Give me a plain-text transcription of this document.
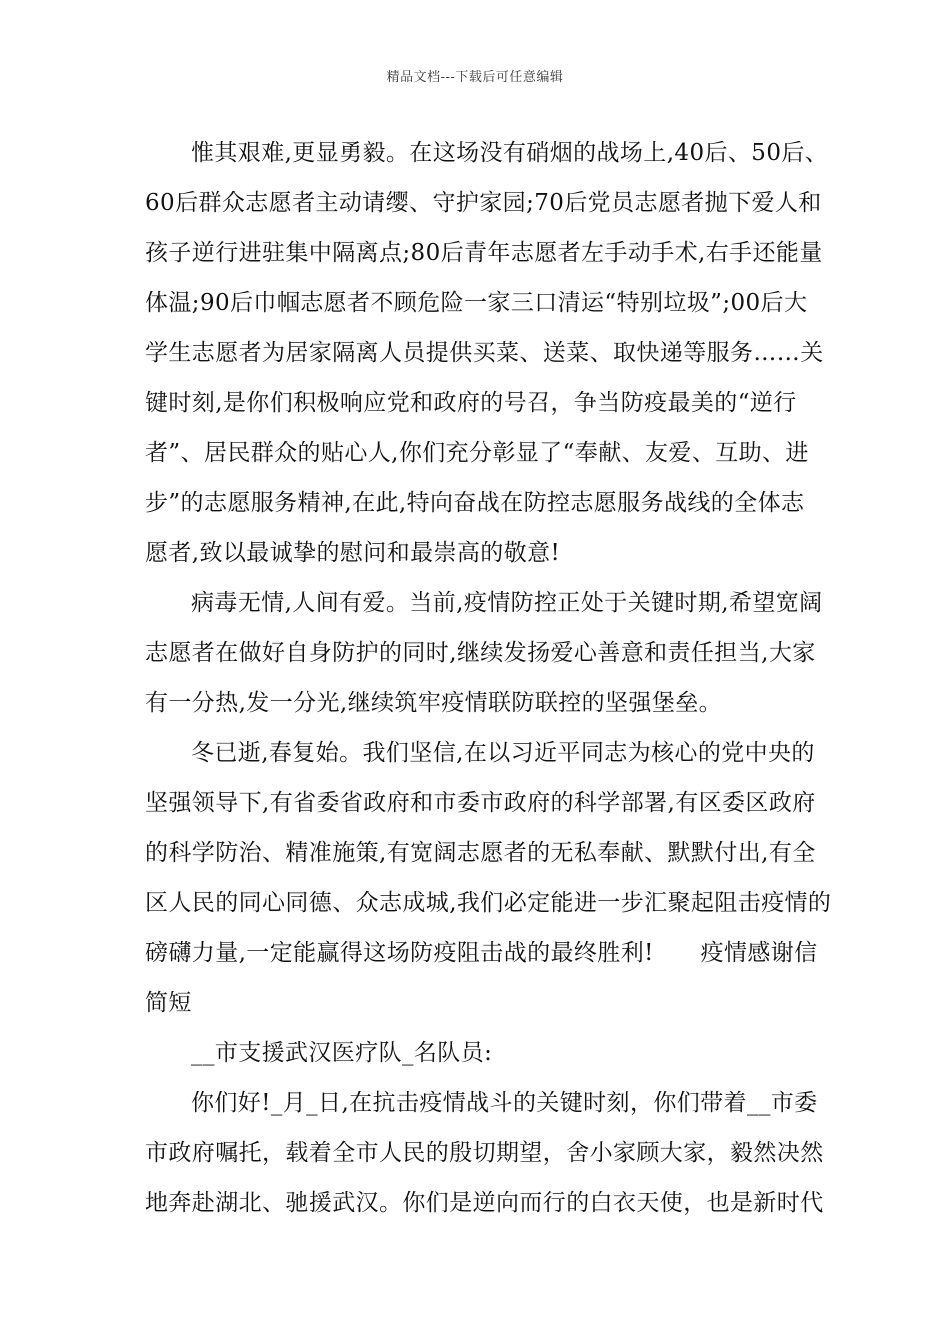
精品文档---下载后可任意编辑
惟其艰难,更显勇毅。在这场没有硝烟的战场上,40后、50后、
60后群众志愿者主动请缨、守护家园;70后党员志愿者抛下爱人和
孩子逆行进驻集中隔离点;80后青年志愿者左手动手术,右手还能量
体温;90后巾帼志愿者不顾危险一家三口清运“特别垃圾”;00后大
学生志愿者为居家隔离人员提供买菜、送菜、取快递等服务……关
键时刻,是你们积极响应党和政府的号召，争当防疫最美的“逆行
者”、居民群众的贴心人,你们充分彰显了“奉献、友爱、互助、进
步”的志愿服务精神,在此,特向奋战在防控志愿服务战线的全体志
愿者,致以最诚挚的慰问和最崇高的敬意!
病毒无情,人间有爱。当前,疫情防控正处于关键时期,希望宽阔
志愿者在做好自身防护的同时,继续发扬爱心善意和责任担当,大家
有一分热,发一分光,继续筑牢疫情联防联控的坚强堡垒。
冬已逝,春复始。我们坚信,在以习近平同志为核心的党中央的
坚强领导下,有省委省政府和市委市政府的科学部署,有区委区政府
的科学防治、精准施策,有宽阔志愿者的无私奉献、默默付出,有全
区人民的同心同德、众志成城,我们必定能进一步汇聚起阻击疫情的
磅礴力量,一定能赢得这场防疫阻击战的最终胜利!　　疫情感谢信
简短
__市支援武汉医疗队_名队员:
你们好!_月_日,在抗击疫情战斗的关键时刻，你们带着__市委
市政府嘱托，载着全市人民的殷切期望，舍小家顾大家，毅然决然
地奔赴湖北、驰援武汉。你们是逆向而行的白衣天使，也是新时代
